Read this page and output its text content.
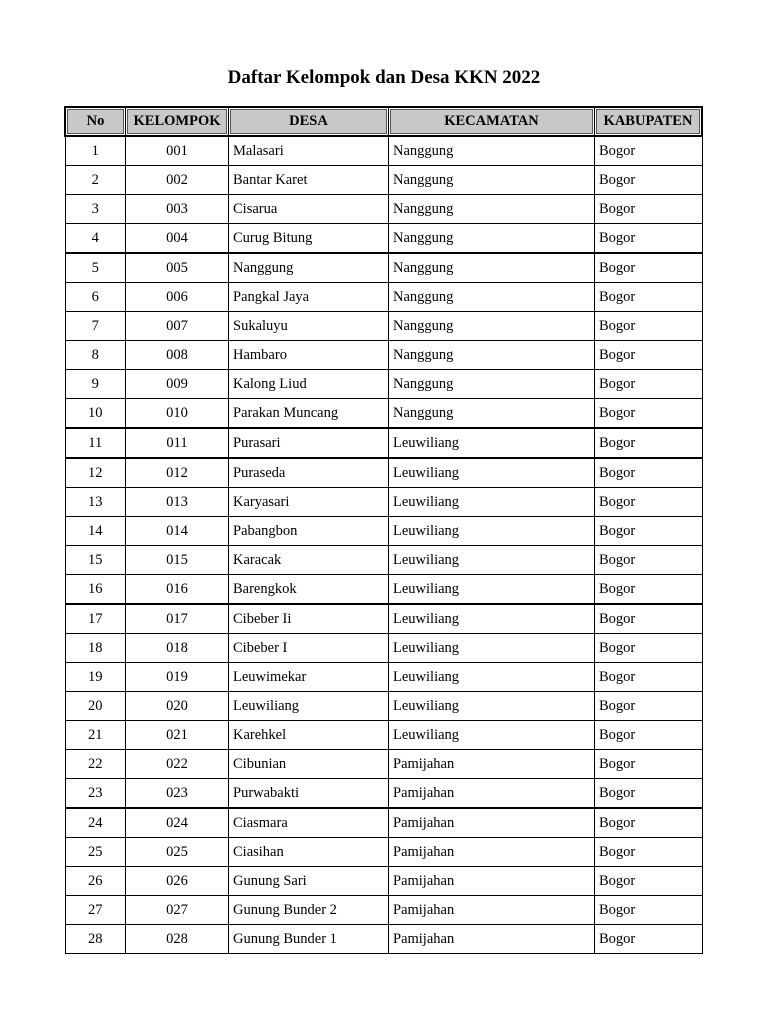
Daftar Kelompok dan Desa KKN 2022
No	KELOMPOK	DESA	KECAMATAN	KABUPATEN
1	001	Malasari	Nanggung	Bogor
2	002	Bantar Karet	Nanggung	Bogor
3	003	Cisarua	Nanggung	Bogor
4	004	Curug Bitung	Nanggung	Bogor
5	005	Nanggung	Nanggung	Bogor
6	006	Pangkal Jaya	Nanggung	Bogor
7	007	Sukaluyu	Nanggung	Bogor
8	008	Hambaro	Nanggung	Bogor
9	009	Kalong Liud	Nanggung	Bogor
10	010	Parakan Muncang	Nanggung	Bogor
11	011	Purasari	Leuwiliang	Bogor
12	012	Puraseda	Leuwiliang	Bogor
13	013	Karyasari	Leuwiliang	Bogor
14	014	Pabangbon	Leuwiliang	Bogor
15	015	Karacak	Leuwiliang	Bogor
16	016	Barengkok	Leuwiliang	Bogor
17	017	Cibeber Ii	Leuwiliang	Bogor
18	018	Cibeber I	Leuwiliang	Bogor
19	019	Leuwimekar	Leuwiliang	Bogor
20	020	Leuwiliang	Leuwiliang	Bogor
21	021	Karehkel	Leuwiliang	Bogor
22	022	Cibunian	Pamijahan	Bogor
23	023	Purwabakti	Pamijahan	Bogor
24	024	Ciasmara	Pamijahan	Bogor
25	025	Ciasihan	Pamijahan	Bogor
26	026	Gunung Sari	Pamijahan	Bogor
27	027	Gunung Bunder 2	Pamijahan	Bogor
28	028	Gunung Bunder 1	Pamijahan	Bogor
